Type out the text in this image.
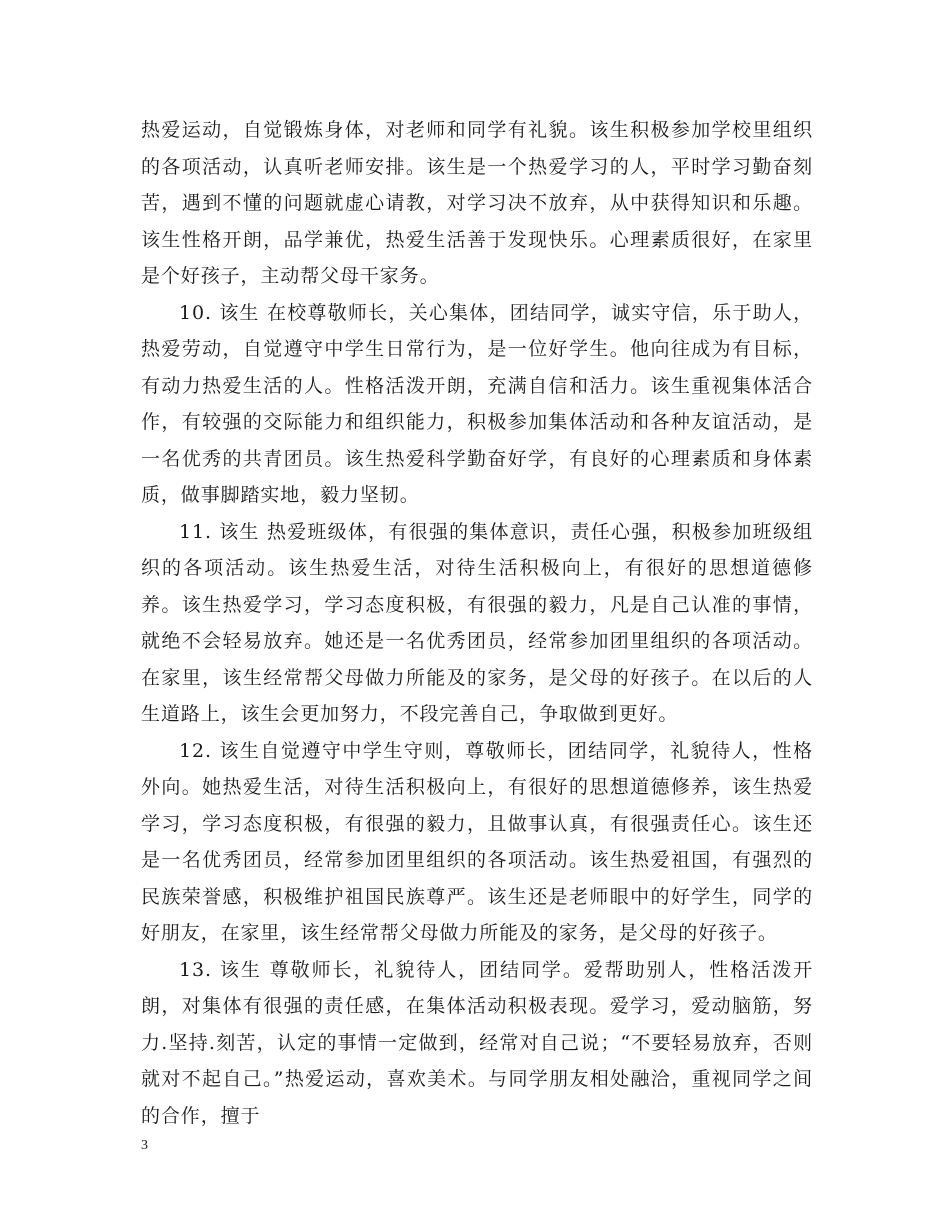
热爱运动，自觉锻炼身体，对老师和同学有礼貌。该生积极参加学校里组织的各项活动，认真听老师安排。该生是一个热爱学习的人，平时学习勤奋刻苦，遇到不懂的问题就虚心请教，对学习决不放弃，从中获得知识和乐趣。该生性格开朗，品学兼优，热爱生活善于发现快乐。心理素质很好，在家里是个好孩子，主动帮父母干家务。

10. 该生 在校尊敬师长，关心集体，团结同学，诚实守信，乐于助人，热爱劳动，自觉遵守中学生日常行为，是一位好学生。他向往成为有目标，有动力热爱生活的人。性格活泼开朗，充满自信和活力。该生重视集体活合作，有较强的交际能力和组织能力，积极参加集体活动和各种友谊活动，是一名优秀的共青团员。该生热爱科学勤奋好学，有良好的心理素质和身体素质，做事脚踏实地，毅力坚韧。

11. 该生 热爱班级体，有很强的集体意识，责任心强，积极参加班级组织的各项活动。该生热爱生活，对待生活积极向上，有很好的思想道德修养。该生热爱学习，学习态度积极，有很强的毅力，凡是自己认准的事情，就绝不会轻易放弃。她还是一名优秀团员，经常参加团里组织的各项活动。在家里，该生经常帮父母做力所能及的家务，是父母的好孩子。在以后的人生道路上，该生会更加努力，不段完善自己，争取做到更好。

12. 该生自觉遵守中学生守则，尊敬师长，团结同学，礼貌待人，性格外向。她热爱生活，对待生活积极向上，有很好的思想道德修养，该生热爱学习，学习态度积极，有很强的毅力，且做事认真，有很强责任心。该生还是一名优秀团员，经常参加团里组织的各项活动。该生热爱祖国，有强烈的民族荣誉感，积极维护祖国民族尊严。该生还是老师眼中的好学生，同学的好朋友，在家里，该生经常帮父母做力所能及的家务，是父母的好孩子。

13. 该生 尊敬师长，礼貌待人，团结同学。爱帮助别人，性格活泼开朗，对集体有很强的责任感，在集体活动积极表现。爱学习，爱动脑筋，努力.坚持.刻苦，认定的事情一定做到，经常对自己说；“不要轻易放弃，否则就对不起自己。”热爱运动，喜欢美术。与同学朋友相处融洽，重视同学之间的合作，擅于

3
